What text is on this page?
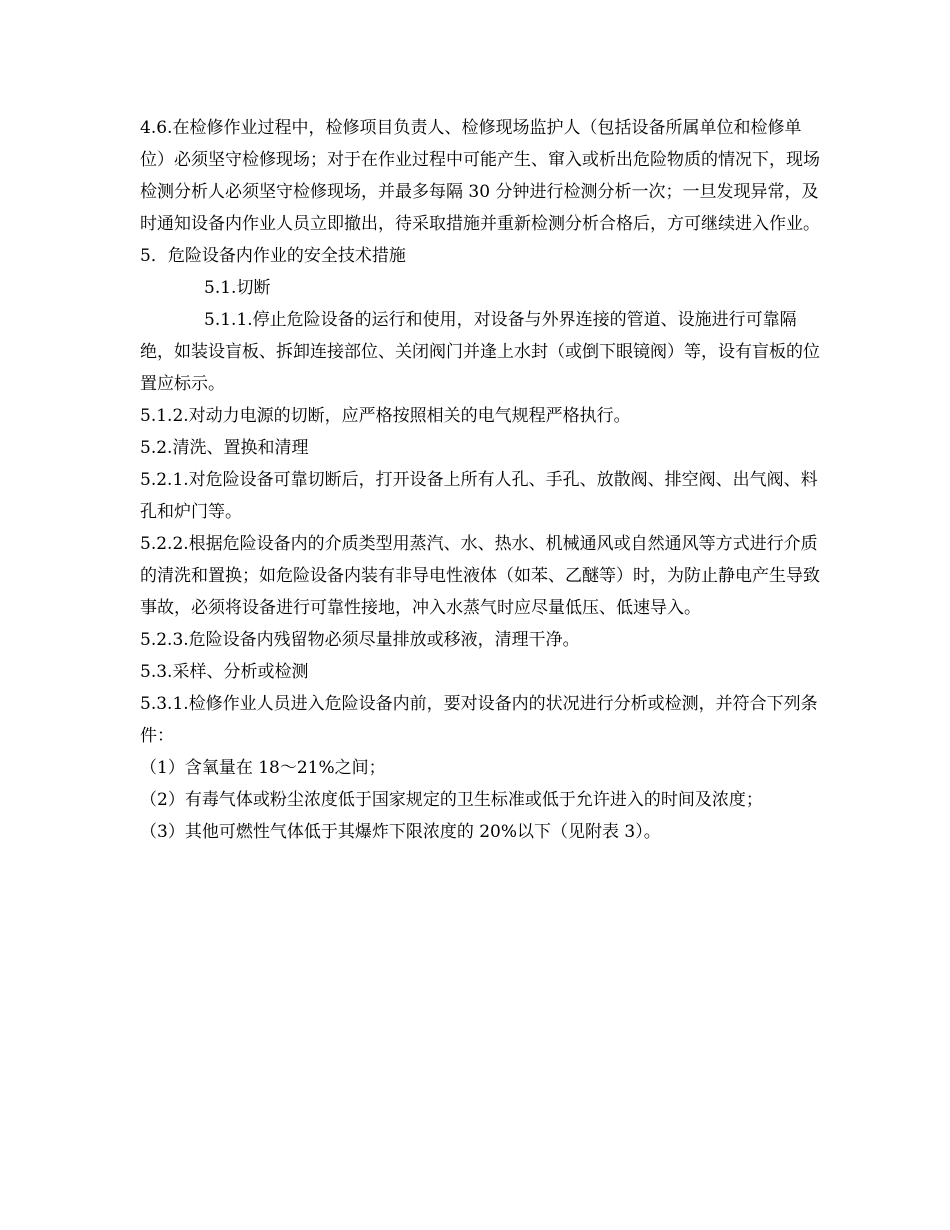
4.6.在检修作业过程中，检修项目负责人、检修现场监护人（包括设备所属单位和检修单位）必须坚守检修现场；对于在作业过程中可能产生、窜入或析出危险物质的情况下，现场检测分析人必须坚守检修现场，并最多每隔 30 分钟进行检测分析一次；一旦发现异常，及时通知设备内作业人员立即撤出，待采取措施并重新检测分析合格后，方可继续进入作业。

5．危险设备内作业的安全技术措施

5.1.切断

5.1.1.停止危险设备的运行和使用，对设备与外界连接的管道、设施进行可靠隔绝，如装设盲板、拆卸连接部位、关闭阀门并逢上水封（或倒下眼镜阀）等，设有盲板的位置应标示。

5.1.2.对动力电源的切断，应严格按照相关的电气规程严格执行。

5.2.清洗、置换和清理

5.2.1.对危险设备可靠切断后，打开设备上所有人孔、手孔、放散阀、排空阀、出气阀、料孔和炉门等。

5.2.2.根据危险设备内的介质类型用蒸汽、水、热水、机械通风或自然通风等方式进行介质的清洗和置换；如危险设备内装有非导电性液体（如苯、乙醚等）时，为防止静电产生导致事故，必须将设备进行可靠性接地，冲入水蒸气时应尽量低压、低速导入。

5.2.3.危险设备内残留物必须尽量排放或移液，清理干净。

5.3.采样、分析或检测

5.3.1.检修作业人员进入危险设备内前，要对设备内的状况进行分析或检测，并符合下列条件：

（1）含氧量在 18～21%之间；

（2）有毒气体或粉尘浓度低于国家规定的卫生标准或低于允许进入的时间及浓度；

（3）其他可燃性气体低于其爆炸下限浓度的 20%以下（见附表 3）。
